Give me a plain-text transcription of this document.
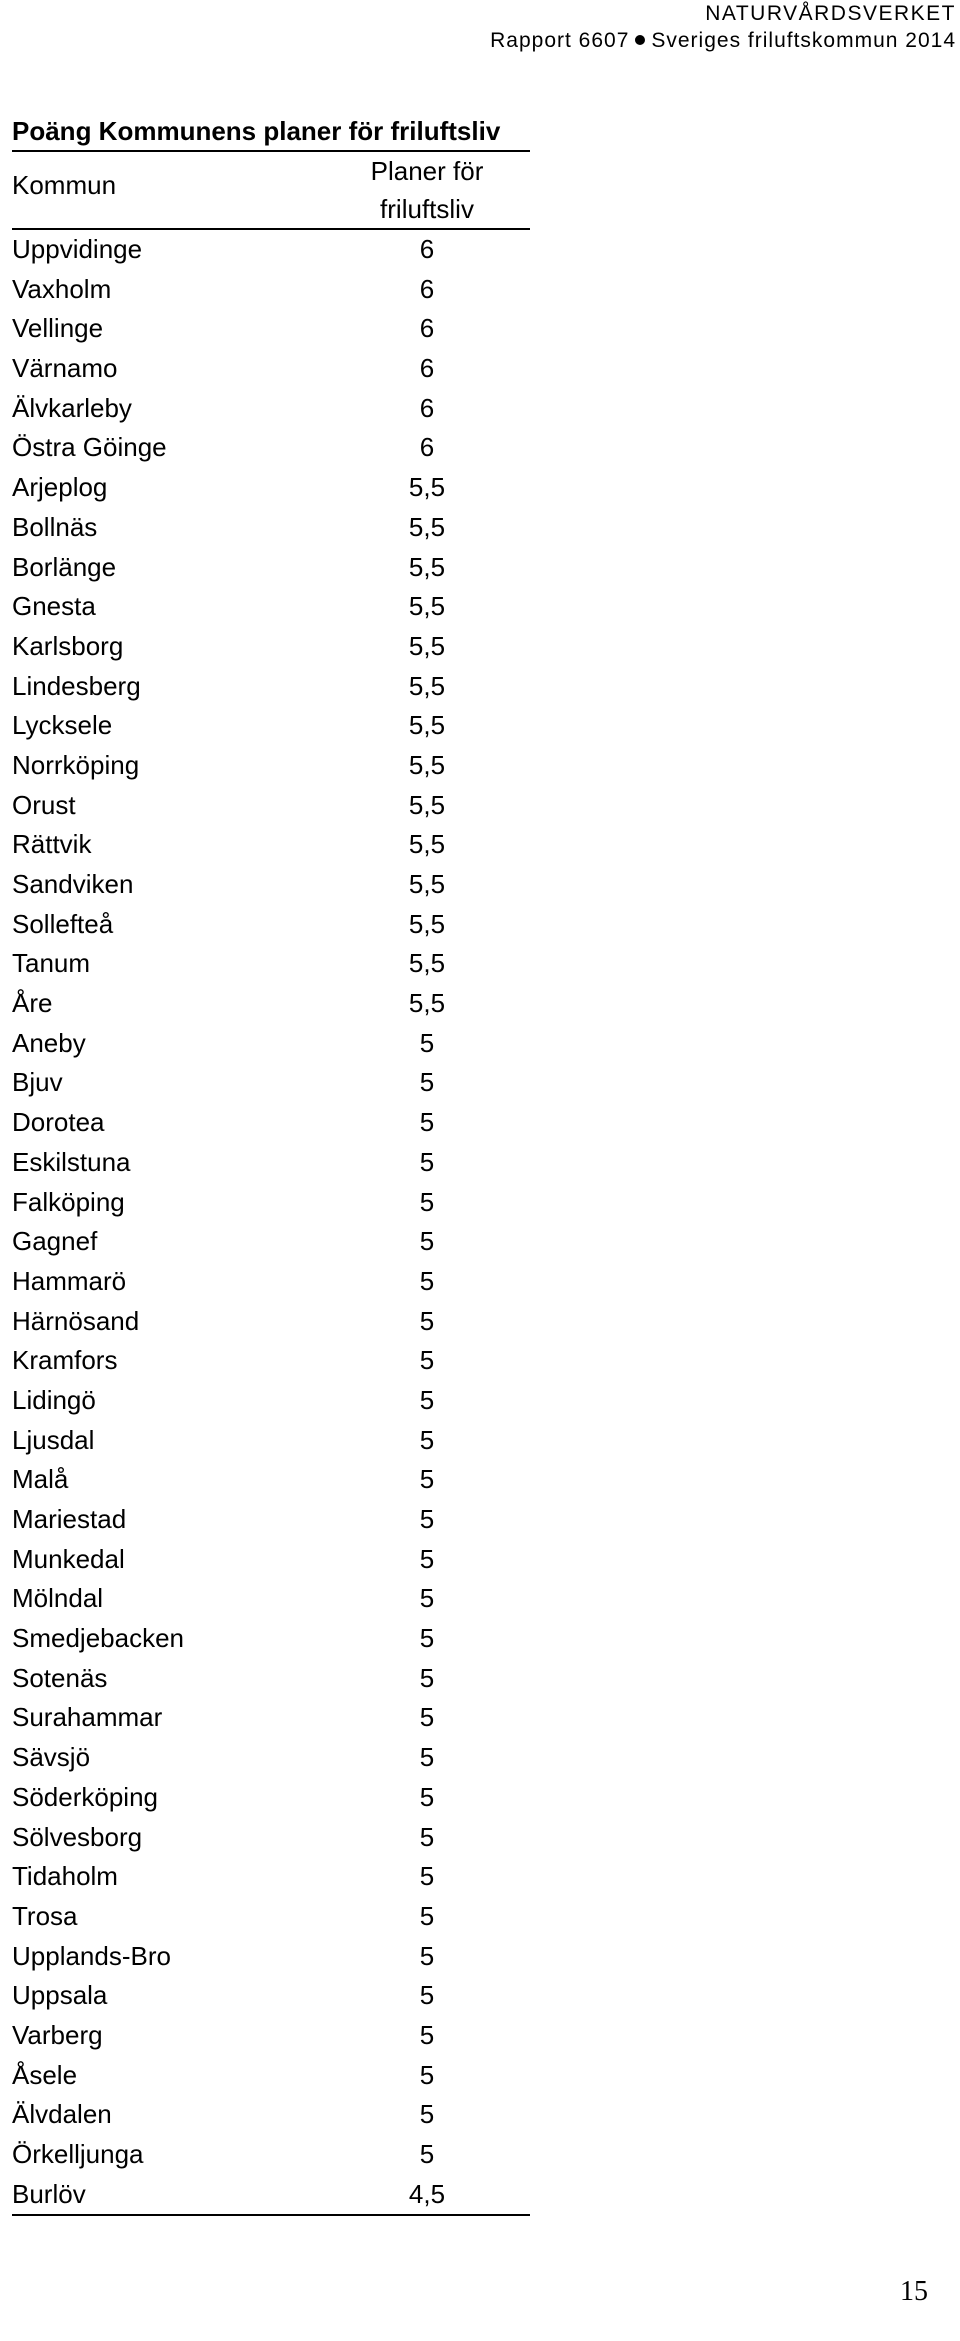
NATURVÅRDSVERKET
Rapport 6607 Sveriges friluftskommun 2014
Poäng Kommunens planer för friluftsliv
Kommun	Planer för
friluftsliv
Uppvidinge	6
Vaxholm	6
Vellinge	6
Värnamo	6
Älvkarleby	6
Östra Göinge	6
Arjeplog	5,5
Bollnäs	5,5
Borlänge	5,5
Gnesta	5,5
Karlsborg	5,5
Lindesberg	5,5
Lycksele	5,5
Norrköping	5,5
Orust	5,5
Rättvik	5,5
Sandviken	5,5
Sollefteå	5,5
Tanum	5,5
Åre	5,5
Aneby	5
Bjuv	5
Dorotea	5
Eskilstuna	5
Falköping	5
Gagnef	5
Hammarö	5
Härnösand	5
Kramfors	5
Lidingö	5
Ljusdal	5
Malå	5
Mariestad	5
Munkedal	5
Mölndal	5
Smedjebacken	5
Sotenäs	5
Surahammar	5
Sävsjö	5
Söderköping	5
Sölvesborg	5
Tidaholm	5
Trosa	5
Upplands-Bro	5
Uppsala	5
Varberg	5
Åsele	5
Älvdalen	5
Örkelljunga	5
Burlöv	4,5
15
